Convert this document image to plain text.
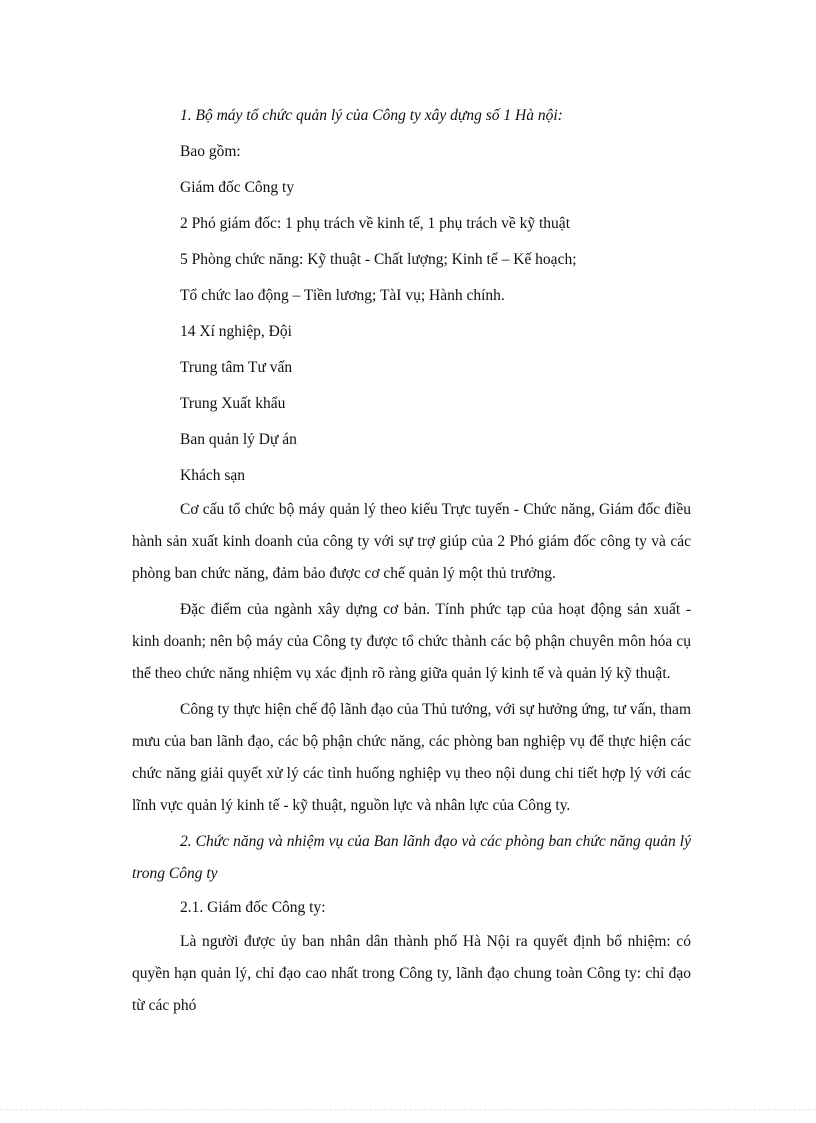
1. Bộ máy tổ chức quản lý của Công ty xây dựng số 1 Hà nội:

Bao gồm:

Giám đốc Công ty

2 Phó giám đốc: 1 phụ trách về kinh tế, 1 phụ trách về kỹ thuật

5 Phòng chức năng: Kỹ thuật - Chất lượng; Kinh tế – Kế hoạch;

Tổ chức lao động – Tiền lương; TàI vụ; Hành chính.

14 Xí nghiệp, Đội

Trung tâm Tư vấn

Trung Xuất khẩu

Ban quản lý Dự án

Khách sạn

Cơ cấu tổ chức bộ máy quản lý theo kiểu Trực tuyến - Chức năng, Giám đốc điều hành sản xuất kinh doanh của công ty với sự trợ giúp của 2 Phó giám đốc công ty và các phòng ban chức năng, đảm bảo được cơ chế quản lý một thủ trưởng.

Đặc điểm của ngành xây dựng cơ bản. Tính phức tạp của hoạt động sản xuất - kinh doanh; nên bộ máy của Công ty được tổ chức thành các bộ phận chuyên môn hóa cụ thể theo chức năng nhiệm vụ xác định rõ ràng giữa quản lý kinh tế và quản lý kỹ thuật.

Công ty thực hiện chế độ lãnh đạo của Thủ tướng, với sự hưởng ứng, tư vấn, tham mưu của ban lãnh đạo, các bộ phận chức năng, các phòng ban nghiệp vụ để thực hiện các chức năng giải quyết xử lý các tình huống nghiệp vụ theo nội dung chi tiết hợp lý với các lĩnh vực quản lý kinh tế - kỹ thuật, nguồn lực và nhân lực của Công ty.

2. Chức năng và nhiệm vụ của Ban lãnh đạo và các phòng ban chức năng quản lý trong Công ty

2.1. Giám đốc Công ty:

Là người được ủy ban nhân dân thành phố Hà Nội ra quyết định bổ nhiệm: có quyền hạn quản lý, chỉ đạo cao nhất trong Công ty, lãnh đạo chung toàn Công ty: chỉ đạo từ các phó
